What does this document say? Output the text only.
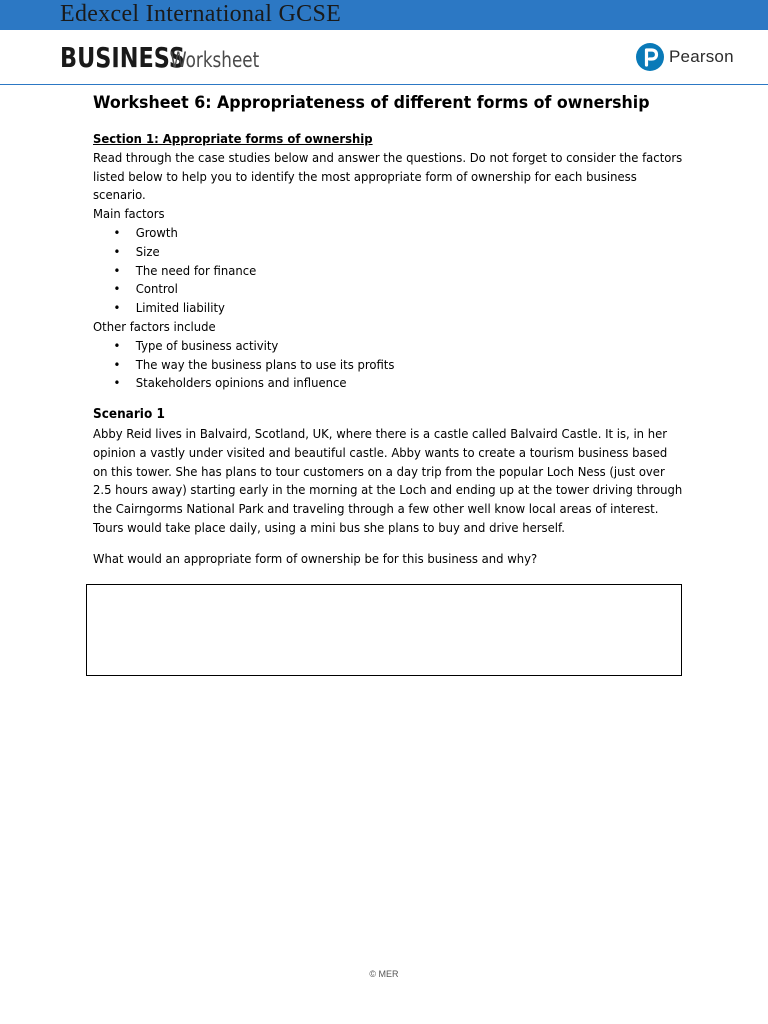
Edexcel International GCSE
BUSINESS
Worksheet	Pearson
Worksheet 6: Appropriateness of different forms of ownership
Section 1: Appropriate forms of ownership
Read through the case studies below and answer the questions. Do not forget to consider the factors listed below to help you to identify the most appropriate form of ownership for each business scenario.
Main factors
• Growth
• Size
• The need for finance
• Control
• Limited liability
Other factors include
• Type of business activity
• The way the business plans to use its profits
• Stakeholders opinions and influence
Scenario 1
Abby Reid lives in Balvaird, Scotland, UK, where there is a castle called Balvaird Castle. It is, in her opinion a vastly under visited and beautiful castle. Abby wants to create a tourism business based on this tower. She has plans to tour customers on a day trip from the popular Loch Ness (just over 2.5 hours away) starting early in the morning at the Loch and ending up at the tower driving through the Cairngorms National Park and traveling through a few other well know local areas of interest. Tours would take place daily, using a mini bus she plans to buy and drive herself.
What would an appropriate form of ownership be for this business and why?
© MER
